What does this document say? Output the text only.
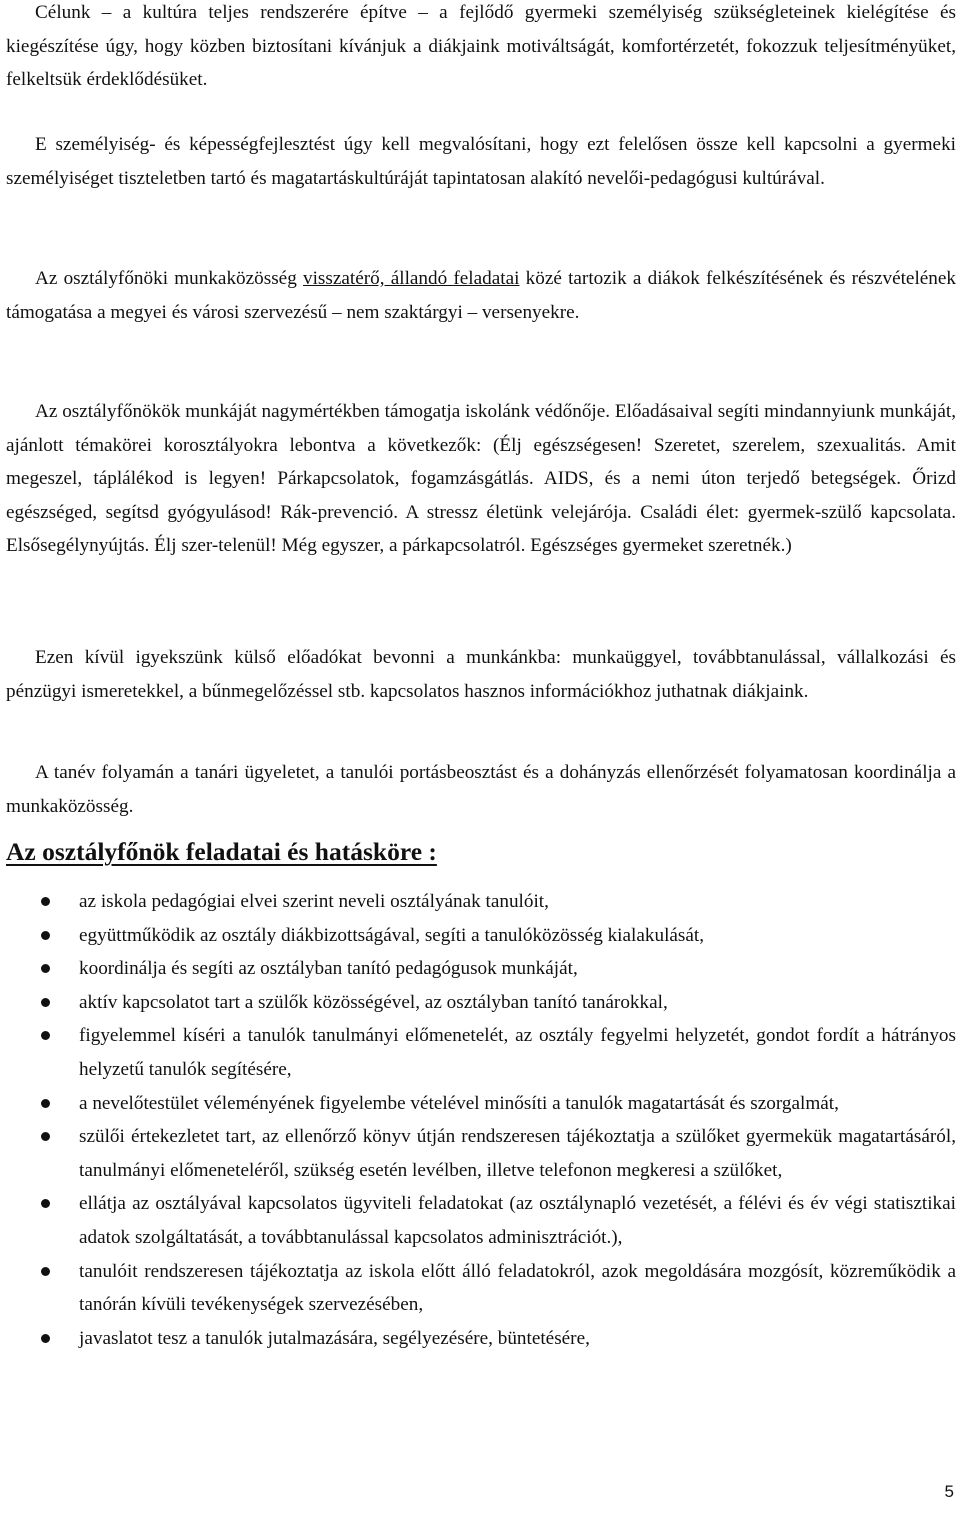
Célunk – a kultúra teljes rendszerére építve – a fejlődő gyermeki személyiség szükségleteinek kielégítése és kiegészítése úgy, hogy közben biztosítani kívánjuk a diákjaink motiváltságát, komfortérzetét, fokozzuk teljesítményüket, felkeltsük érdeklődésüket.

E személyiség- és képességfejlesztést úgy kell megvalósítani, hogy ezt felelősen össze kell kapcsolni a gyermeki személyiséget tiszteletben tartó és magatartáskultúráját tapintatosan alakító nevelői-pedagógusi kultúrával.

Az osztályfőnöki munkaközösség visszatérő, állandó feladatai közé tartozik a diákok felkészítésének és részvételének támogatása a megyei és városi szervezésű – nem szaktárgyi – versenyekre.

Az osztályfőnökök munkáját nagymértékben támogatja iskolánk védőnője. Előadásaival segíti mindannyiunk munkáját, ajánlott témakörei korosztályokra lebontva a következők: (Élj egészségesen! Szeretet, szerelem, szexualitás. Amit megeszel, táplálékod is legyen! Párkapcsolatok, fogamzásgátlás. AIDS, és a nemi úton terjedő betegségek. Őrizd egészséged, segítsd gyógyulásod! Rák-prevenció. A stressz életünk velejárója. Családi élet: gyermek-szülő kapcsolata. Elsősegélynyújtás. Élj szer-telenül! Még egyszer, a párkapcsolatról. Egészséges gyermeket szeretnék.)

Ezen kívül igyekszünk külső előadókat bevonni a munkánkba: munkaüggyel, továbbtanulással, vállalkozási és pénzügyi ismeretekkel, a bűnmegelőzéssel stb. kapcsolatos hasznos információkhoz juthatnak diákjaink.

A tanév folyamán a tanári ügyeletet, a tanulói portásbeosztást és a dohányzás ellenőrzését folyamatosan koordinálja a munkaközösség.

Az osztályfőnök feladatai és hatásköre :
az iskola pedagógiai elvei szerint neveli osztályának tanulóit,
együttműködik az osztály diákbizottságával, segíti a tanulóközösség kialakulását,
koordinálja és segíti az osztályban tanító pedagógusok munkáját,
aktív kapcsolatot tart a szülők közösségével, az osztályban tanító tanárokkal,
figyelemmel kíséri a tanulók tanulmányi előmenetelét, az osztály fegyelmi helyzetét, gondot fordít a hátrányos helyzetű tanulók segítésére,
a nevelőtestület véleményének figyelembe vételével minősíti a tanulók magatartását és szorgalmát,
szülői értekezletet tart, az ellenőrző könyv útján rendszeresen tájékoztatja a szülőket gyermekük magatartásáról, tanulmányi előmeneteléről, szükség esetén levélben, illetve telefonon megkeresi a szülőket,
ellátja az osztályával kapcsolatos ügyviteli feladatokat (az osztálynapló vezetését, a félévi és év végi statisztikai adatok szolgáltatását, a továbbtanulással kapcsolatos adminisztrációt.),
tanulóit rendszeresen tájékoztatja az iskola előtt álló feladatokról, azok megoldására mozgósít, közreműködik a tanórán kívüli tevékenységek szervezésében,
javaslatot tesz a tanulók jutalmazására, segélyezésére, büntetésére,
5
